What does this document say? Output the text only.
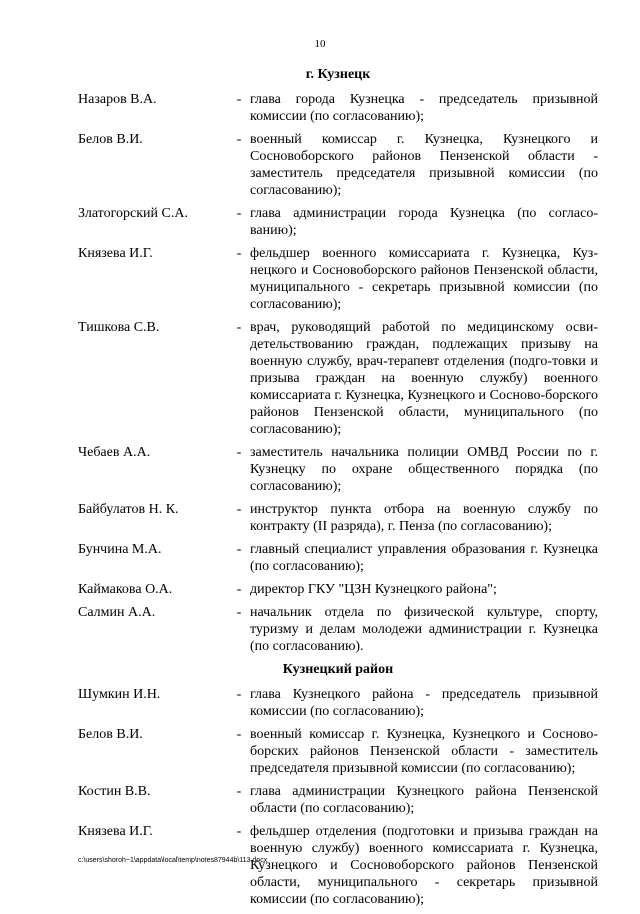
10
г. Кузнецк
Назаров В.А.	- глава города Кузнецка - председатель призывной комиссии (по согласованию);
Белов В.И.	- военный комиссар г. Кузнецка, Кузнецкого и Сосновоборского районов Пензенской области - заместитель председателя призывной комиссии (по согласованию);
Златогорский С.А.	- глава администрации города Кузнецка (по согласо-ванию);
Князева И.Г.	- фельдшер военного комиссариата г. Кузнецка, Куз-нецкого и Сосновоборского районов Пензенской области, муниципального - секретарь призывной комиссии (по согласованию);
Тишкова С.В.	- врач, руководящий работой по медицинскому осви-детельствованию граждан, подлежащих призыву на военную службу, врач-терапевт отделения (подго-товки и призыва граждан на военную службу) военного комиссариата г. Кузнецка, Кузнецкого и Сосново-борского районов Пензенской области, муниципального (по согласованию);
Чебаев А.А.	- заместитель начальника полиции ОМВД России по г. Кузнецку по охране общественного порядка (по согласованию);
Байбулатов Н. К.	- инструктор пункта отбора на военную службу по контракту (II разряда), г. Пенза (по согласованию);
Бунчина М.А.	- главный специалист управления образования г. Кузнецка (по согласованию);
Каймакова О.А.	- директор ГКУ "ЦЗН Кузнецкого района";
Салмин А.А.	- начальник отдела по физической культуре, спорту, туризму и делам молодежи администрации г. Кузнецка (по согласованию).
Кузнецкий район
Шумкин И.Н.	- глава Кузнецкого района - председатель призывной комиссии (по согласованию);
Белов В.И.	- военный комиссар г. Кузнецка, Кузнецкого и Сосново-борских районов Пензенской области - заместитель председателя призывной комиссии (по согласованию);
Костин В.В.	- глава администрации Кузнецкого района Пензенской области (по согласованию);
Князева И.Г.	- фельдшер отделения (подготовки и призыва граждан на военную службу) военного комиссариата г. Кузнецка, Кузнецкого и Сосновоборского районов Пензенской области, муниципального - секретарь призывной комиссии (по согласованию);
c:\users\shoroh~1\appdata\local\temp\notes87944b\113.docx
